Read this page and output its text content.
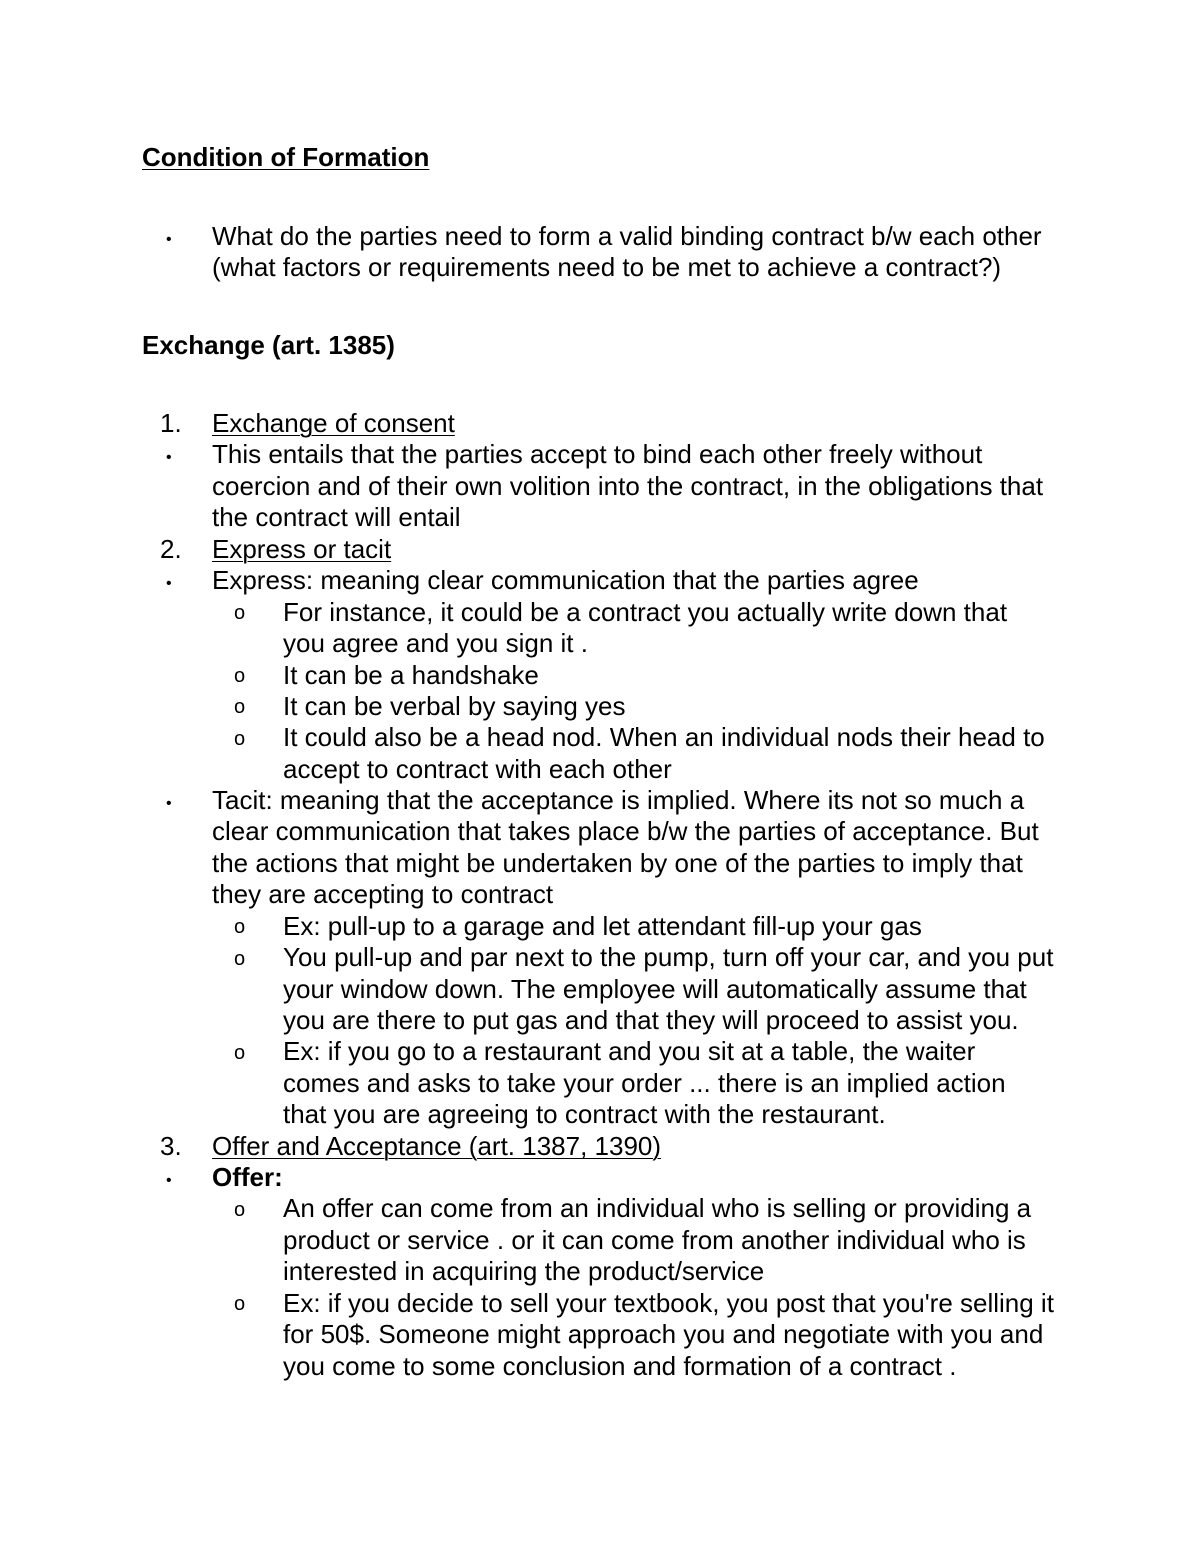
Condition of Formation
• What do the parties need to form a valid binding contract b/w each other
(what factors or requirements need to be met to achieve a contract?)
Exchange (art. 1385)
1. Exchange of consent
• This entails that the parties accept to bind each other freely without
coercion and of their own volition into the contract, in the obligations that
the contract will entail
2. Express or tacit
• Express: meaning clear communication that the parties agree
o For instance, it could be a contract you actually write down that
you agree and you sign it .
o It can be a handshake
o It can be verbal by saying yes
o It could also be a head nod. When an individual nods their head to
accept to contract with each other
• Tacit: meaning that the acceptance is implied. Where its not so much a
clear communication that takes place b/w the parties of acceptance. But
the actions that might be undertaken by one of the parties to imply that
they are accepting to contract
o Ex: pull-up to a garage and let attendant fill-up your gas
o You pull-up and par next to the pump, turn off your car, and you put
your window down. The employee will automatically assume that
you are there to put gas and that they will proceed to assist you.
o Ex: if you go to a restaurant and you sit at a table, the waiter
comes and asks to take your order ... there is an implied action
that you are agreeing to contract with the restaurant.
3. Offer and Acceptance (art. 1387, 1390)
• Offer:
o An offer can come from an individual who is selling or providing a
product or service . or it can come from another individual who is
interested in acquiring the product/service
o Ex: if you decide to sell your textbook, you post that you're selling it
for 50$. Someone might approach you and negotiate with you and
you come to some conclusion and formation of a contract .
